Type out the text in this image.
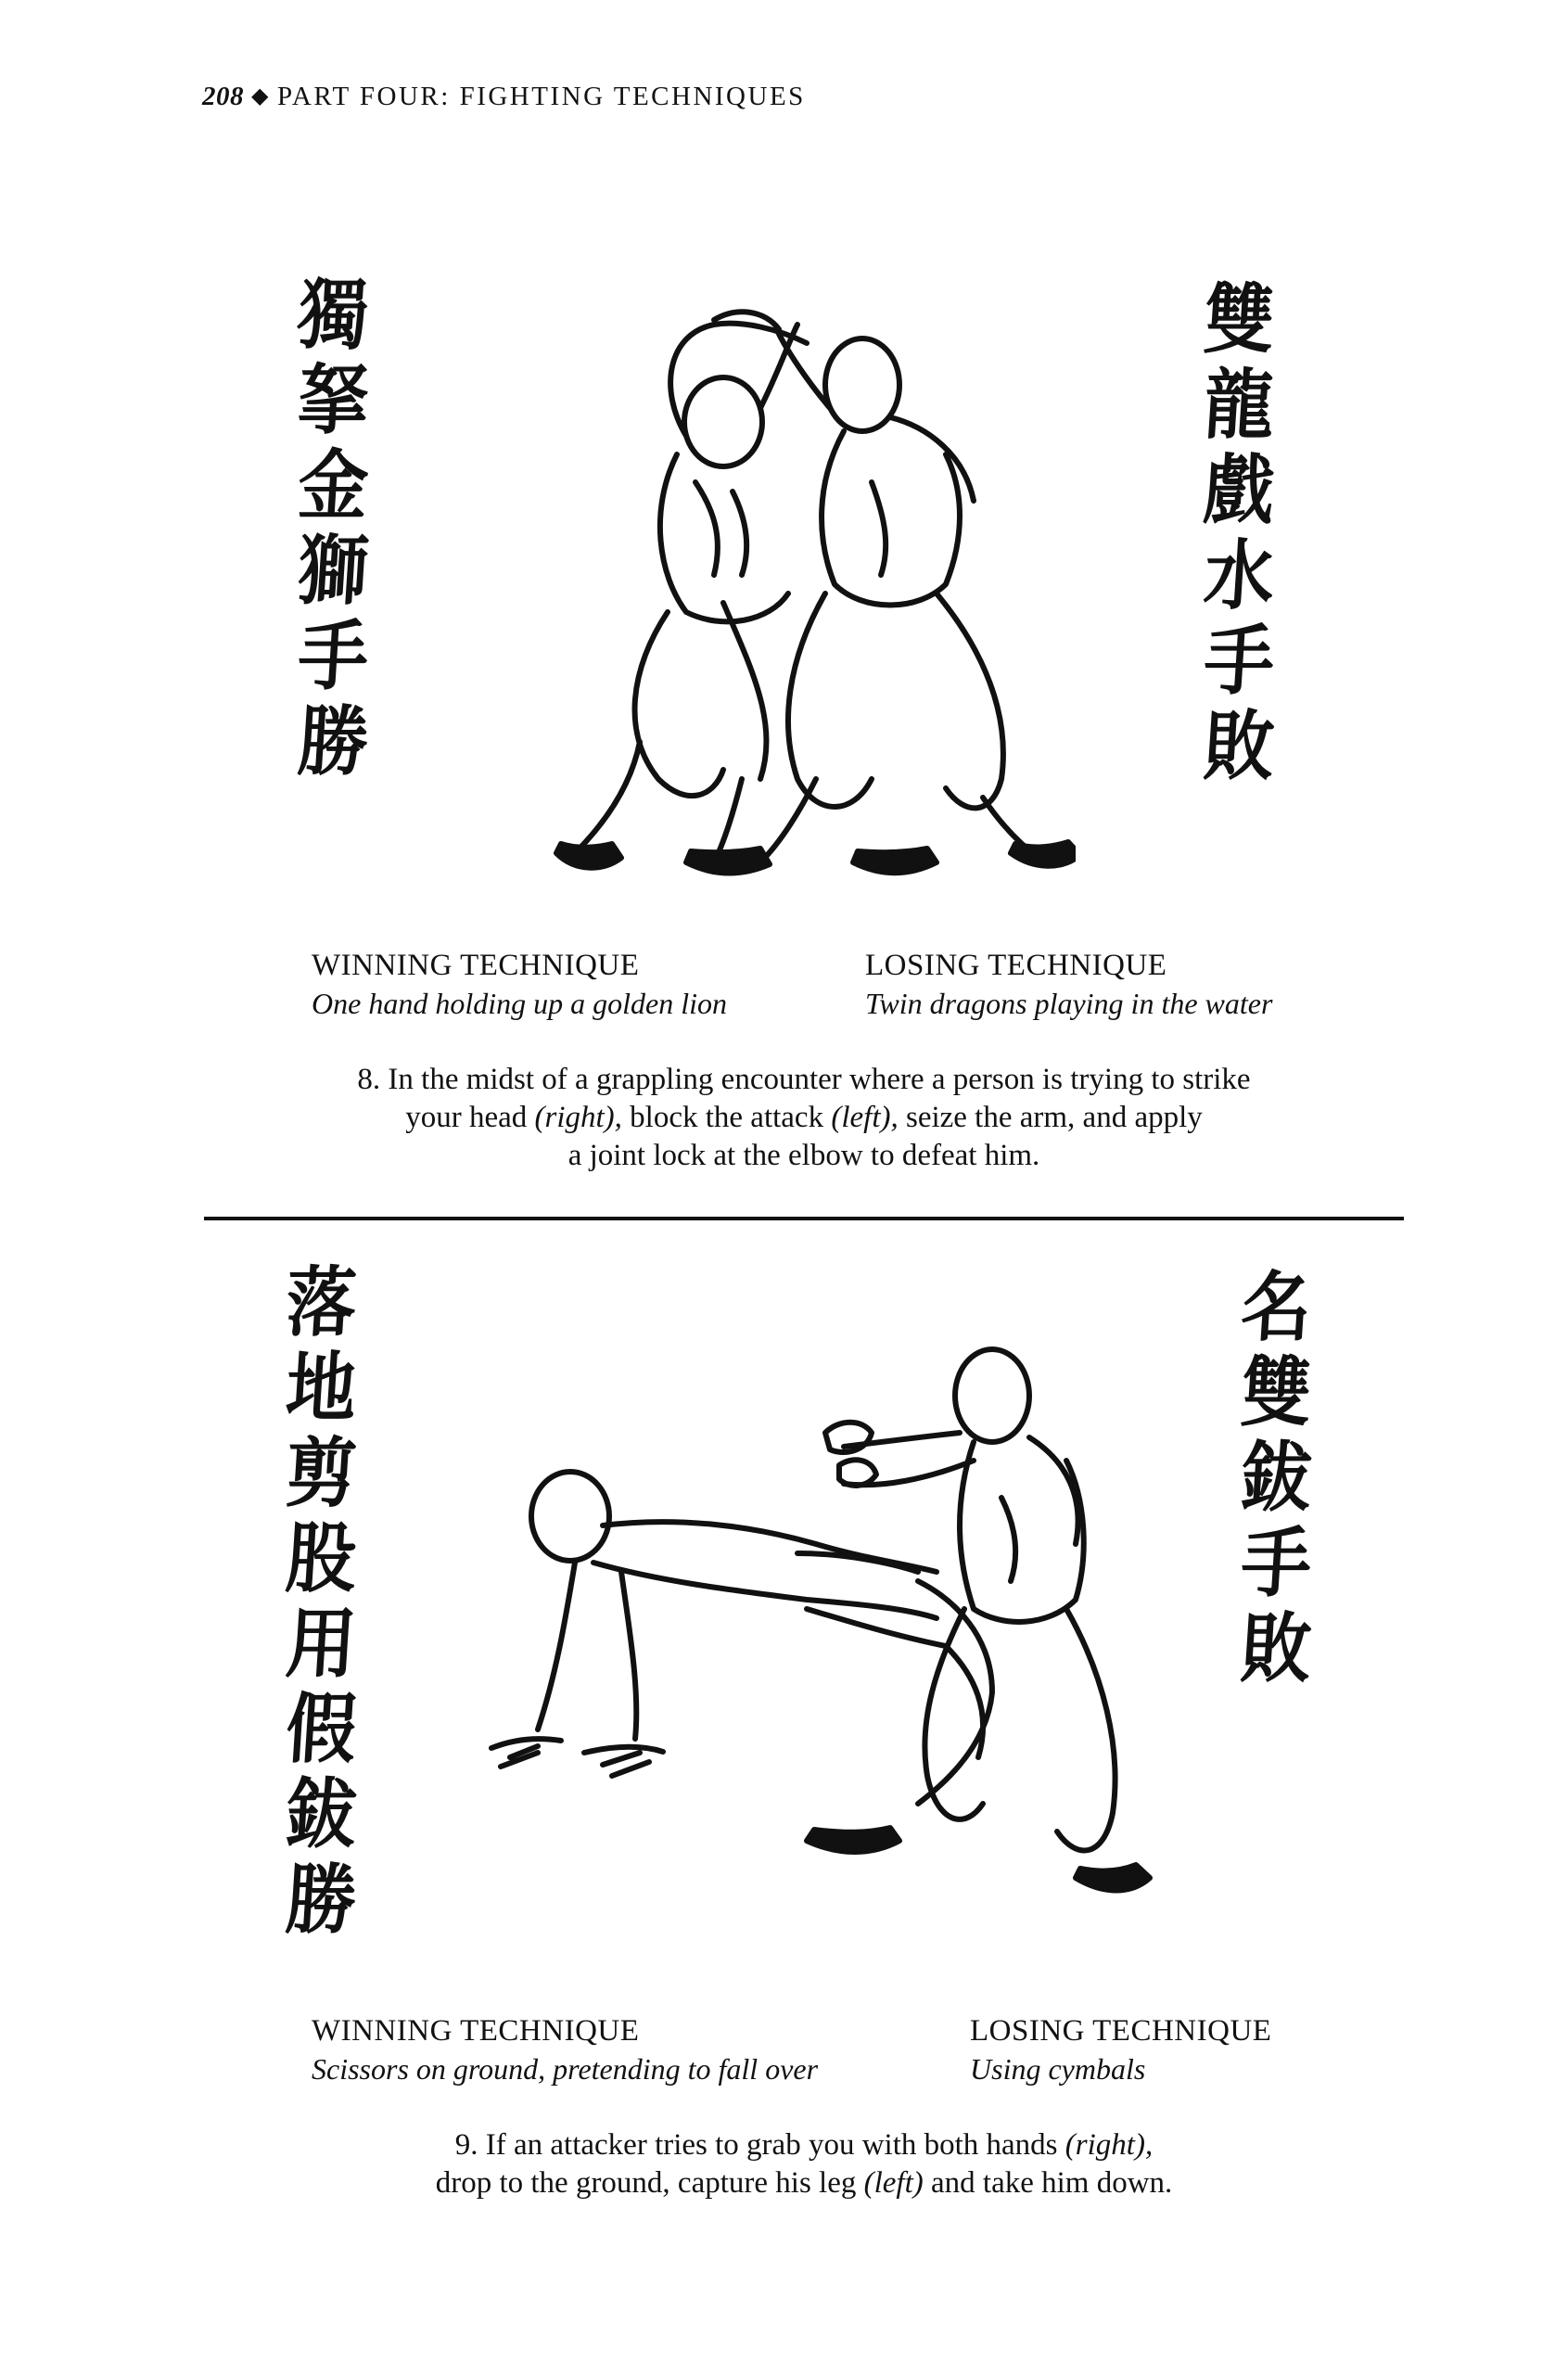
208 ◆ PART FOUR: FIGHTING TECHNIQUES
獨
拏
金
獅
手
勝
雙
龍
戲
水
手
敗
WINNING TECHNIQUE
One hand holding up a golden lion
LOSING TECHNIQUE
Twin dragons playing in the water
8. In the midst of a grappling encounter where a person is trying to strike
your head (right), block the attack (left), seize the arm, and apply
a joint lock at the elbow to defeat him.
落
地
剪
股
用
假
鈸
勝
名
雙
鈸
手
敗
WINNING TECHNIQUE
Scissors on ground, pretending to fall over
LOSING TECHNIQUE
Using cymbals
9. If an attacker tries to grab you with both hands (right),
drop to the ground, capture his leg (left) and take him down.
